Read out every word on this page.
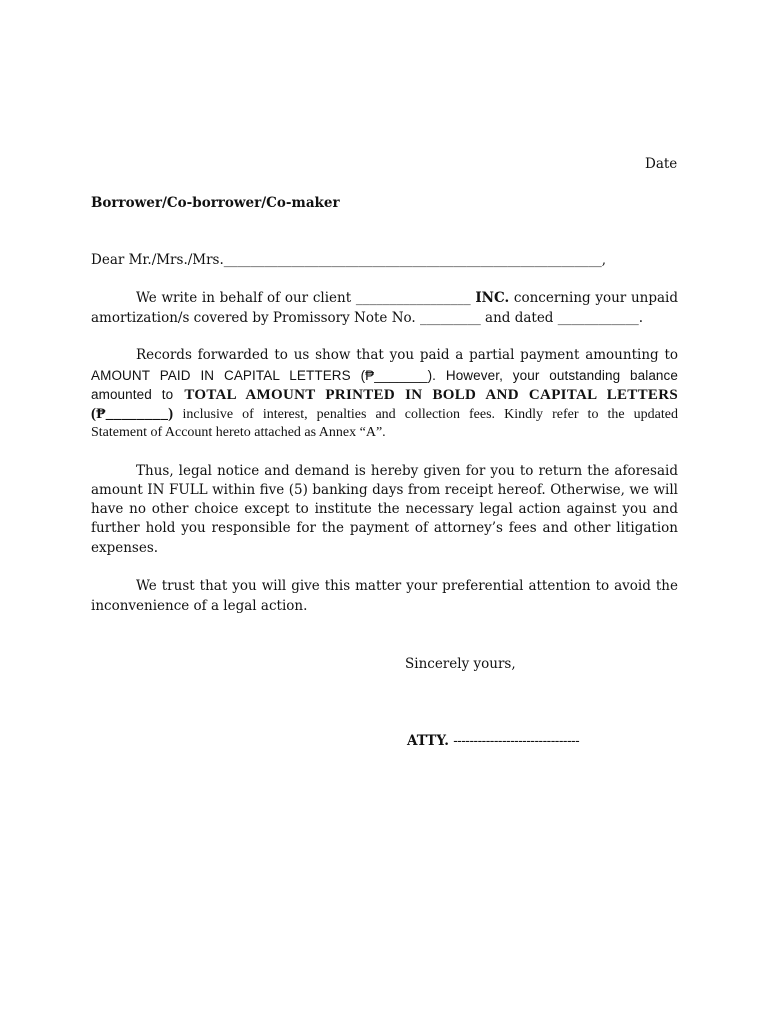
Date
Borrower/Co-borrower/Co-maker
Dear Mr./Mrs./Mrs.________________________________________________________,
We write in behalf of our client _________________ INC. concerning your unpaid
amortization/s covered by Promissory Note No. _________ and dated ____________.
Records forwarded to us show that you paid a partial payment amounting to
AMOUNT PAID IN CAPITAL LETTERS (₱_______). However, your outstanding balance
amounted to TOTAL AMOUNT PRINTED IN BOLD AND CAPITAL LETTERS
(₱________) inclusive of interest, penalties and collection fees. Kindly refer to the updated
Statement of Account hereto attached as Annex “A”.
Thus, legal notice and demand is hereby given for you to return the aforesaid
amount IN FULL within five (5) banking days from receipt hereof. Otherwise, we will
have no other choice except to institute the necessary legal action against you and
further hold you responsible for the payment of attorney’s fees and other litigation
expenses.
We trust that you will give this matter your preferential attention to avoid the
inconvenience of a legal action.
Sincerely yours,
ATTY. -------------------------------
